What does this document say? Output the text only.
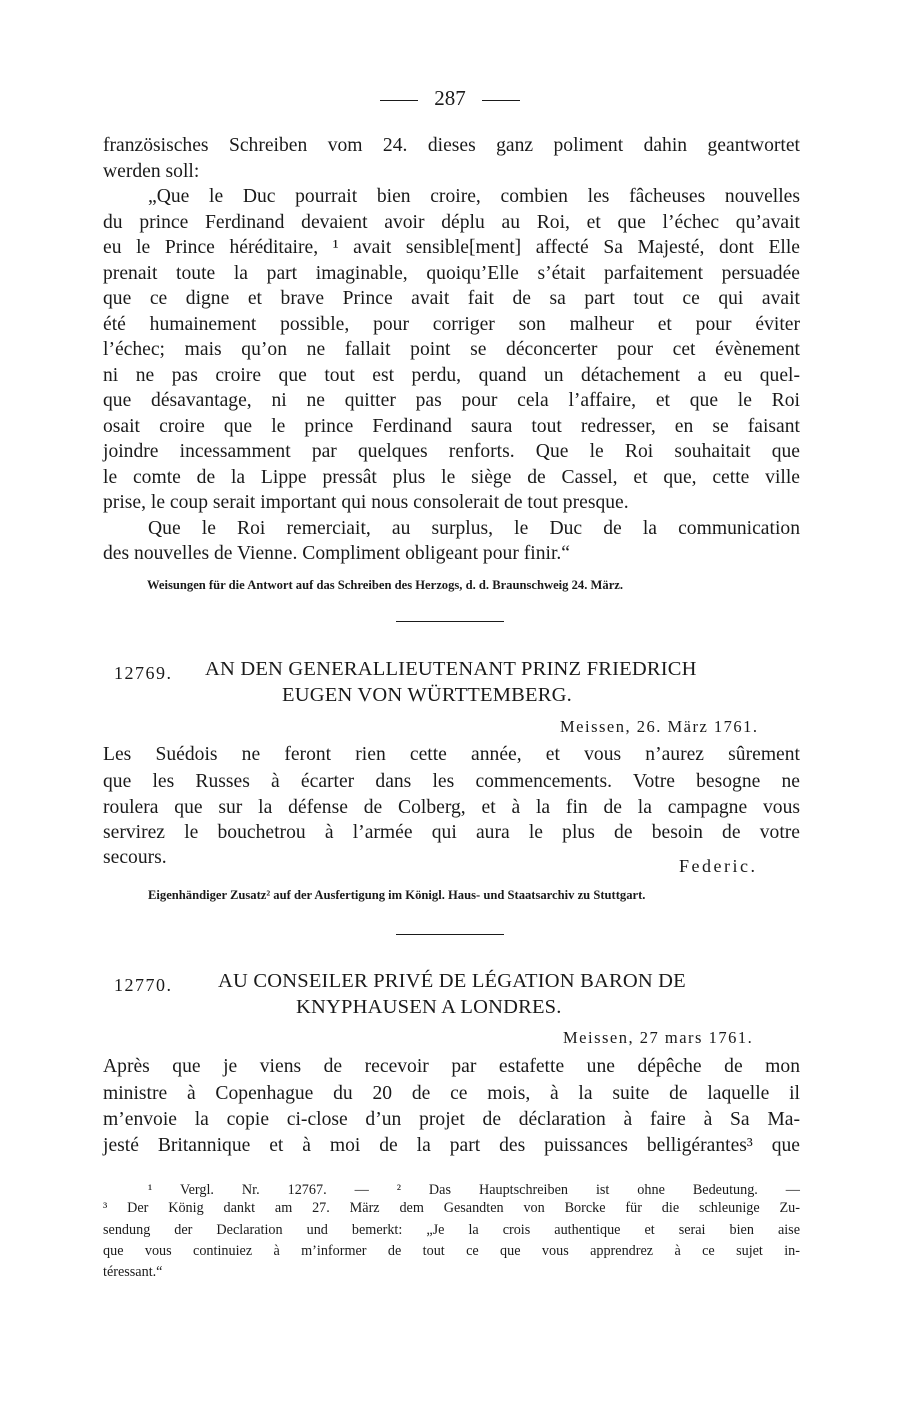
287
französisches Schreiben vom 24. dieses ganz poliment dahin geantwortet
werden soll:
„Que le Duc pourrait bien croire, combien les fâcheuses nouvelles
du prince Ferdinand devaient avoir déplu au Roi, et que l’échec qu’avait
eu le Prince héréditaire, ¹ avait sensible[ment] affecté Sa Majesté, dont Elle
prenait toute la part imaginable, quoiqu’Elle s’était parfaitement persuadée
que ce digne et brave Prince avait fait de sa part tout ce qui avait
été humainement possible, pour corriger son malheur et pour éviter
l’échec; mais qu’on ne fallait point se déconcerter pour cet évènement
ni ne pas croire que tout est perdu, quand un détachement a eu quel-
que désavantage, ni ne quitter pas pour cela l’affaire, et que le Roi
osait croire que le prince Ferdinand saura tout redresser, en se faisant
joindre incessamment par quelques renforts. Que le Roi souhaitait que
le comte de la Lippe pressât plus le siège de Cassel, et que, cette ville
prise, le coup serait important qui nous consolerait de tout presque.
Que le Roi remerciait, au surplus, le Duc de la communication
des nouvelles de Vienne. Compliment obligeant pour finir.“
Weisungen für die Antwort auf das Schreiben des Herzogs, d. d. Braunschweig 24. März.
12769. AN DEN GENERALLIEUTENANT PRINZ FRIEDRICH
EUGEN VON WÜRTTEMBERG.
Meissen, 26. März 1761.
Les Suédois ne feront rien cette année, et vous n’aurez sûrement
que les Russes à écarter dans les commencements. Votre besogne ne
roulera que sur la défense de Colberg, et à la fin de la campagne vous
servirez le bouchetrou à l’armée qui aura le plus de besoin de votre
secours.	Federic.
Eigenhändiger Zusatz² auf der Ausfertigung im Königl. Haus- und Staatsarchiv zu Stuttgart.
12770. AU CONSEILER PRIVÉ DE LÉGATION BARON DE
KNYPHAUSEN A LONDRES.
Meissen, 27 mars 1761.
Après que je viens de recevoir par estafette une dépêche de mon
ministre à Copenhague du 20 de ce mois, à la suite de laquelle il
m’envoie la copie ci-close d’un projet de déclaration à faire à Sa Ma-
jesté Britannique et à moi de la part des puissances belligérantes³ que
¹ Vergl. Nr. 12767. — ² Das Hauptschreiben ist ohne Bedeutung. —
³ Der König dankt am 27. März dem Gesandten von Borcke für die schleunige Zu-
sendung der Declaration und bemerkt: „Je la crois authentique et serai bien aise
que vous continuiez à m’informer de tout ce que vous apprendrez à ce sujet in-
téressant.“
